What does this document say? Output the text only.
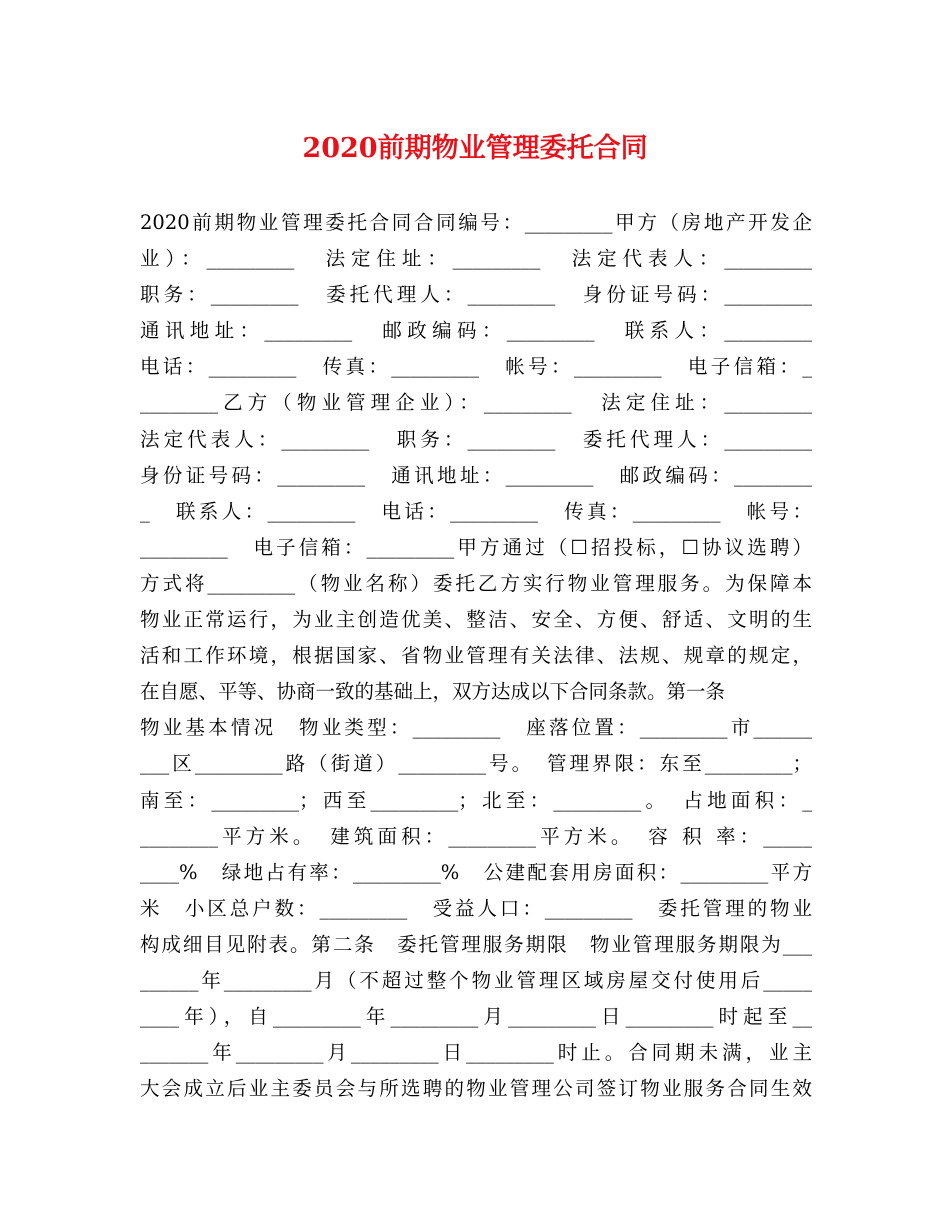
2020前期物业管理委托合同
2020前期物业管理委托合同合同编号：_________甲方（房地产开发企
业）：_________　法定住址：_________　法定代表人：_________
职务：_________　委托代理人：_________　身份证号码：_________
通讯地址：_________　邮政编码：_________　联系人：_________
电话：_________　传真：_________　帐号：_________　电子信箱：_
________乙方（物业管理企业）：_________　法定住址：_________
法定代表人：_________　职务：_________　委托代理人：_________
身份证号码：_________　通讯地址：_________　邮政编码：________
_　联系人：_________　电话：_________　传真：_________　帐号：
_________　电子信箱：_________甲方通过（☐招投标，☐协议选聘）
方式将_________（物业名称）委托乙方实行物业管理服务。为保障本
物业正常运行，为业主创造优美、整洁、安全、方便、舒适、文明的生
活和工作环境，根据国家、省物业管理有关法律、法规、规章的规定，
在自愿、平等、协商一致的基础上，双方达成以下合同条款。第一条
物业基本情况　物业类型：_________　座落位置：_________市______
___区_________路（街道）_________号。　管理界限：东至_________；
南至：_________；西至_________；北至：_________。　占地面积：_
________平方米。　建筑面积：_________平方米。　容 积 率：_____
____%　绿地占有率：_________%　公建配套用房面积：_________平方
米　小区总户数：_________　受益人口：_________　委托管理的物业
构成细目见附表。第二条　委托管理服务期限　物业管理服务期限为___
______年_________月（不超过整个物业管理区域房屋交付使用后_____
____年），自_________年_________月_________日_________时起至__
_______年_________月_________日_________时止。合同期未满，业主
大会成立后业主委员会与所选聘的物业管理公司签订物业服务合同生效
